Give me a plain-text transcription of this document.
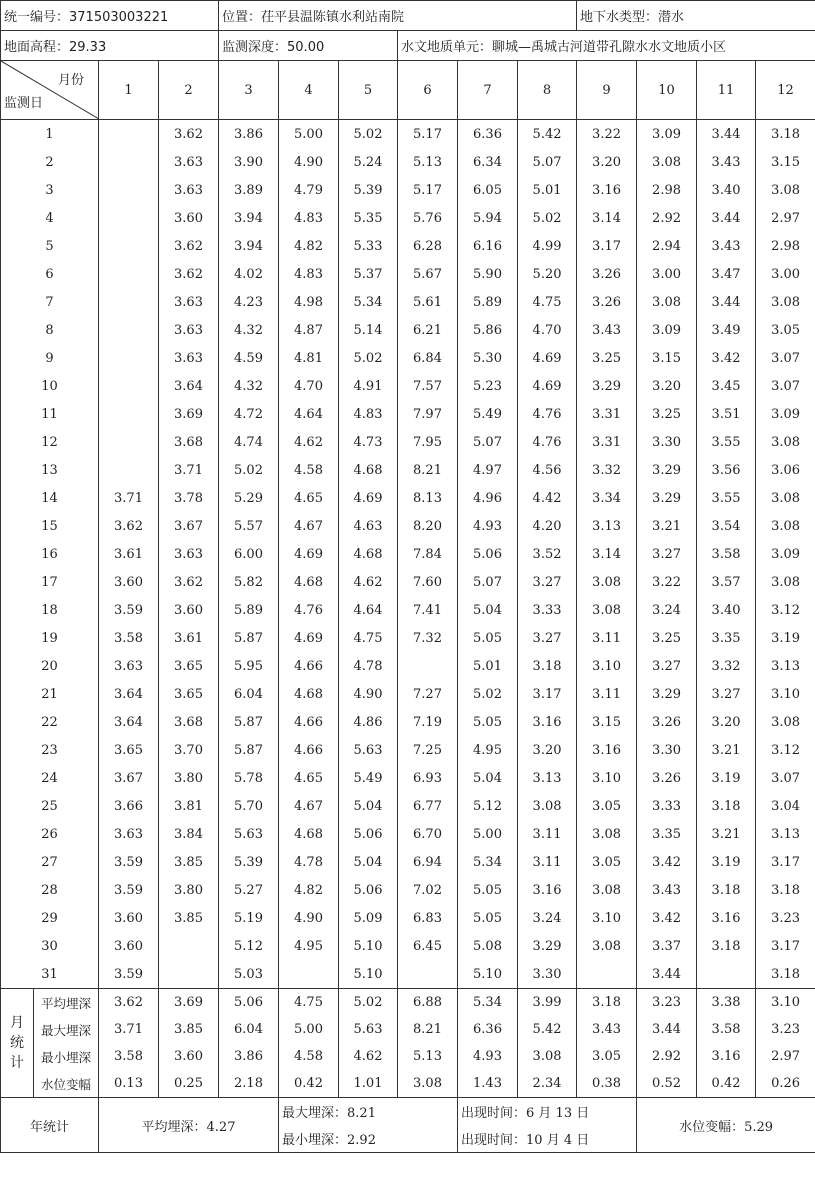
统一编号：371503003221				位置：茌平县温陈镇水利站南院						地下水类型：潜水			
地面高程：29.33				监测深度：50.00			水文地质单元：聊城—禹城古河道带孔隙水水文地质小区						

月份
监测日		1	2	3	4	5	6	7	8	9	10	11	12
1			3.62	3.86	5.00	5.02	5.17	6.36	5.42	3.22	3.09	3.44	3.18
2			3.63	3.90	4.90	5.24	5.13	6.34	5.07	3.20	3.08	3.43	3.15
3			3.63	3.89	4.79	5.39	5.17	6.05	5.01	3.16	2.98	3.40	3.08
4			3.60	3.94	4.83	5.35	5.76	5.94	5.02	3.14	2.92	3.44	2.97
5			3.62	3.94	4.82	5.33	6.28	6.16	4.99	3.17	2.94	3.43	2.98
6			3.62	4.02	4.83	5.37	5.67	5.90	5.20	3.26	3.00	3.47	3.00
7			3.63	4.23	4.98	5.34	5.61	5.89	4.75	3.26	3.08	3.44	3.08
8			3.63	4.32	4.87	5.14	6.21	5.86	4.70	3.43	3.09	3.49	3.05
9			3.63	4.59	4.81	5.02	6.84	5.30	4.69	3.25	3.15	3.42	3.07
10			3.64	4.32	4.70	4.91	7.57	5.23	4.69	3.29	3.20	3.45	3.07
11			3.69	4.72	4.64	4.83	7.97	5.49	4.76	3.31	3.25	3.51	3.09
12			3.68	4.74	4.62	4.73	7.95	5.07	4.76	3.31	3.30	3.55	3.08
13			3.71	5.02	4.58	4.68	8.21	4.97	4.56	3.32	3.29	3.56	3.06
14		3.71	3.78	5.29	4.65	4.69	8.13	4.96	4.42	3.34	3.29	3.55	3.08
15		3.62	3.67	5.57	4.67	4.63	8.20	4.93	4.20	3.13	3.21	3.54	3.08
16		3.61	3.63	6.00	4.69	4.68	7.84	5.06	3.52	3.14	3.27	3.58	3.09
17		3.60	3.62	5.82	4.68	4.62	7.60	5.07	3.27	3.08	3.22	3.57	3.08
18		3.59	3.60	5.89	4.76	4.64	7.41	5.04	3.33	3.08	3.24	3.40	3.12
19		3.58	3.61	5.87	4.69	4.75	7.32	5.05	3.27	3.11	3.25	3.35	3.19
20		3.63	3.65	5.95	4.66	4.78		5.01	3.18	3.10	3.27	3.32	3.13
21		3.64	3.65	6.04	4.68	4.90	7.27	5.02	3.17	3.11	3.29	3.27	3.10
22		3.64	3.68	5.87	4.66	4.86	7.19	5.05	3.16	3.15	3.26	3.20	3.08
23		3.65	3.70	5.87	4.66	5.63	7.25	4.95	3.20	3.16	3.30	3.21	3.12
24		3.67	3.80	5.78	4.65	5.49	6.93	5.04	3.13	3.10	3.26	3.19	3.07
25		3.66	3.81	5.70	4.67	5.04	6.77	5.12	3.08	3.05	3.33	3.18	3.04
26		3.63	3.84	5.63	4.68	5.06	6.70	5.00	3.11	3.08	3.35	3.21	3.13
27		3.59	3.85	5.39	4.78	5.04	6.94	5.34	3.11	3.05	3.42	3.19	3.17
28		3.59	3.80	5.27	4.82	5.06	7.02	5.05	3.16	3.08	3.43	3.18	3.18
29		3.60	3.85	5.19	4.90	5.09	6.83	5.05	3.24	3.10	3.42	3.16	3.23
30		3.60		5.12	4.95	5.10	6.45	5.08	3.29	3.08	3.37	3.18	3.17
31		3.59		5.03		5.10		5.10	3.30		3.44		3.18

月
统
计	平均埋深	3.62	3.69	5.06	4.75	5.02	6.88	5.34	3.99	3.18	3.23	3.38	3.10
	最大埋深	3.71	3.85	6.04	5.00	5.63	8.21	6.36	5.42	3.43	3.44	3.58	3.23
	最小埋深	3.58	3.60	3.86	4.58	4.62	5.13	4.93	3.08	3.05	2.92	3.16	2.97
	水位变幅	0.13	0.25	2.18	0.42	1.01	3.08	1.43	2.34	0.38	0.52	0.42	0.26
年统计		平均埋深：4.27			最大埋深：8.21			出现时间：6 月 13 日			水位变幅：5.29		
					最小埋深：2.92			出现时间：10 月 4 日					
